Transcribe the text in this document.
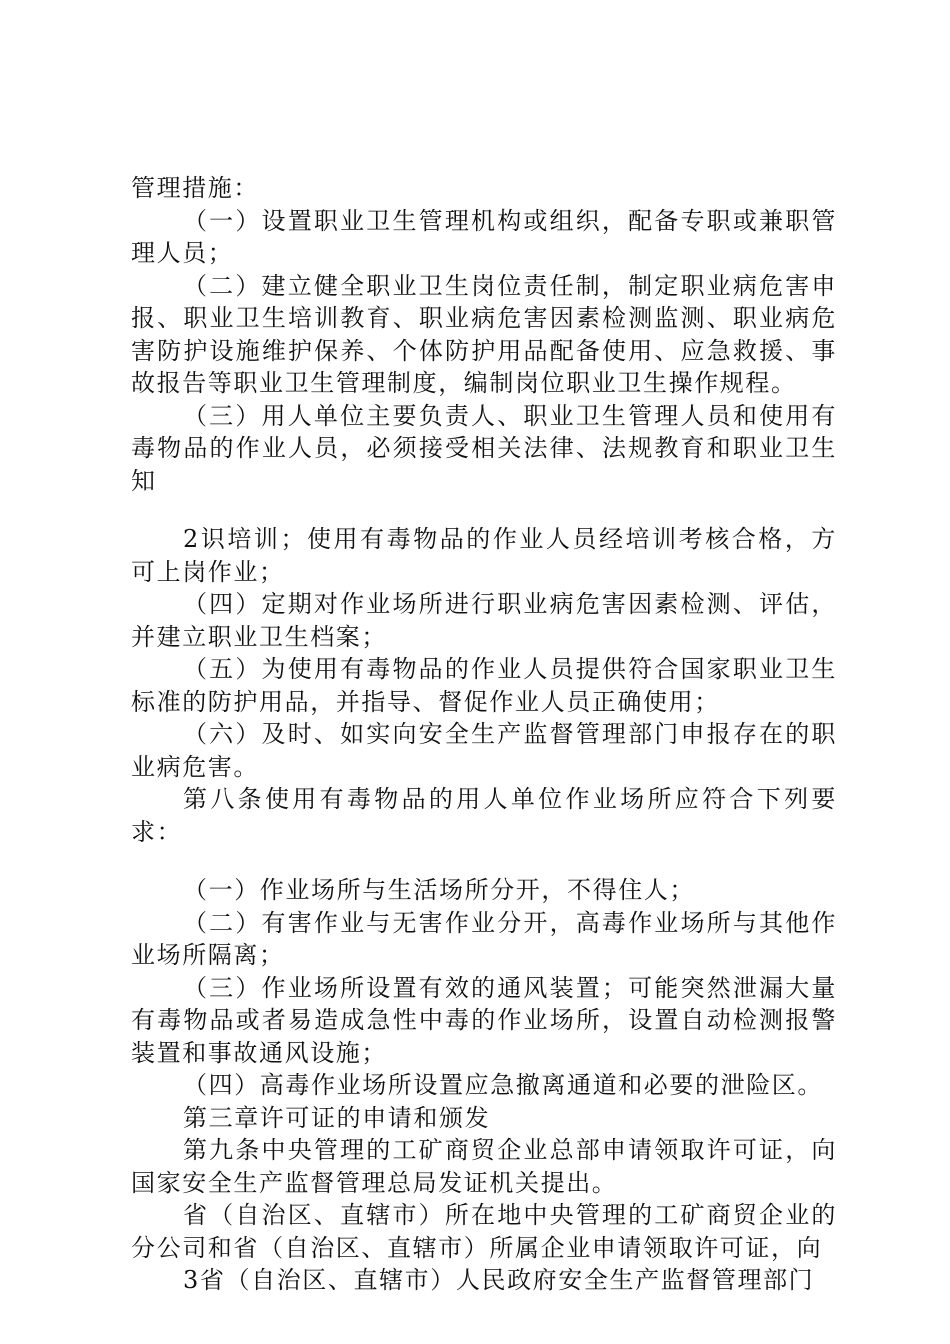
管理措施：

（一）设置职业卫生管理机构或组织，配备专职或兼职管理人员；

（二）建立健全职业卫生岗位责任制，制定职业病危害申报、职业卫生培训教育、职业病危害因素检测监测、职业病危害防护设施维护保养、个体防护用品配备使用、应急救援、事故报告等职业卫生管理制度，编制岗位职业卫生操作规程。

（三）用人单位主要负责人、职业卫生管理人员和使用有毒物品的作业人员，必须接受相关法律、法规教育和职业卫生知

2识培训；使用有毒物品的作业人员经培训考核合格，方可上岗作业；

（四）定期对作业场所进行职业病危害因素检测、评估，并建立职业卫生档案；

（五）为使用有毒物品的作业人员提供符合国家职业卫生标准的防护用品，并指导、督促作业人员正确使用；

（六）及时、如实向安全生产监督管理部门申报存在的职业病危害。

第八条使用有毒物品的用人单位作业场所应符合下列要求：

（一）作业场所与生活场所分开，不得住人；

（二）有害作业与无害作业分开，高毒作业场所与其他作业场所隔离；

（三）作业场所设置有效的通风装置；可能突然泄漏大量有毒物品或者易造成急性中毒的作业场所，设置自动检测报警装置和事故通风设施；

（四）高毒作业场所设置应急撤离通道和必要的泄险区。

第三章许可证的申请和颁发

第九条中央管理的工矿商贸企业总部申请领取许可证，向国家安全生产监督管理总局发证机关提出。

省（自治区、直辖市）所在地中央管理的工矿商贸企业的分公司和省（自治区、直辖市）所属企业申请领取许可证，向

3省（自治区、直辖市）人民政府安全生产监督管理部门
